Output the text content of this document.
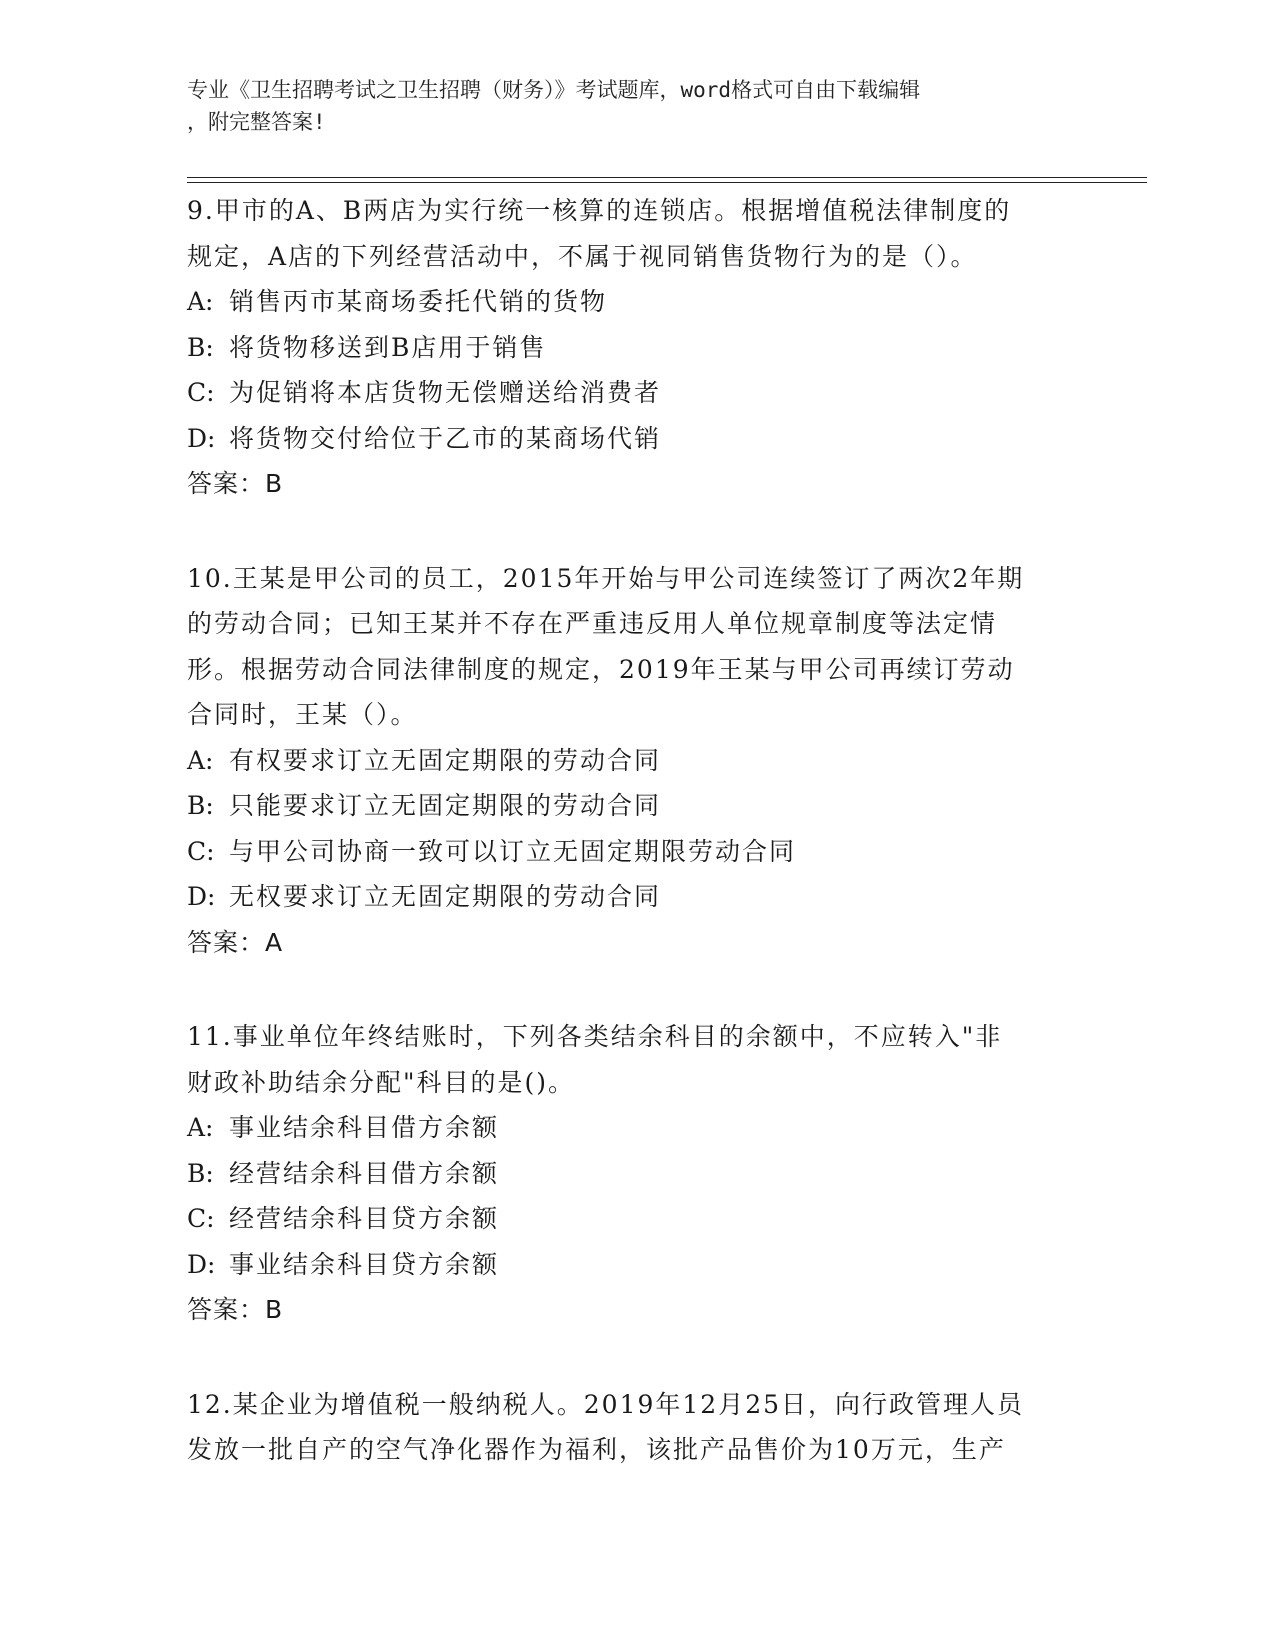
专业《卫生招聘考试之卫生招聘（财务）》考试题库，word格式可自由下载编辑
，附完整答案!
9.甲市的A、B两店为实行统一核算的连锁店。根据增值税法律制度的
规定，A店的下列经营活动中，不属于视同销售货物行为的是（）。
A: 销售丙市某商场委托代销的货物
B: 将货物移送到B店用于销售
C: 为促销将本店货物无偿赠送给消费者
D: 将货物交付给位于乙市的某商场代销
答案：B
10.王某是甲公司的员工，2015年开始与甲公司连续签订了两次2年期
的劳动合同；已知王某并不存在严重违反用人单位规章制度等法定情
形。根据劳动合同法律制度的规定，2019年王某与甲公司再续订劳动
合同时，王某（）。
A: 有权要求订立无固定期限的劳动合同
B: 只能要求订立无固定期限的劳动合同
C: 与甲公司协商一致可以订立无固定期限劳动合同
D: 无权要求订立无固定期限的劳动合同
答案：A
11.事业单位年终结账时，下列各类结余科目的余额中，不应转入"非
财政补助结余分配"科目的是()。
A: 事业结余科目借方余额
B: 经营结余科目借方余额
C: 经营结余科目贷方余额
D: 事业结余科目贷方余额
答案：B
12.某企业为增值税一般纳税人。2019年12月25日，向行政管理人员
发放一批自产的空气净化器作为福利，该批产品售价为10万元，生产
